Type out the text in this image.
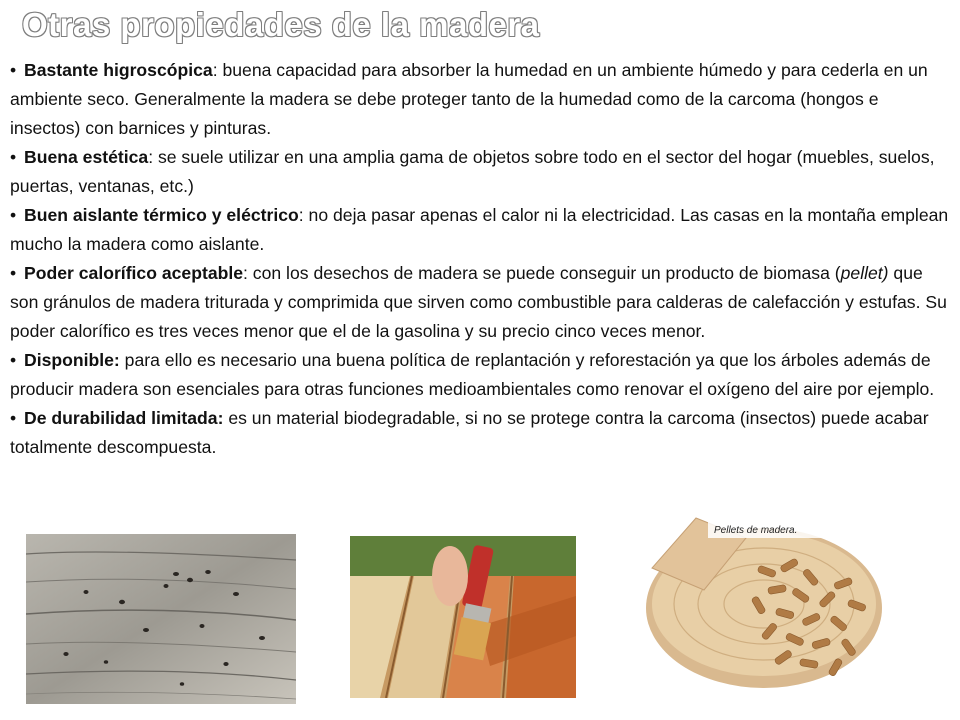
Otras propiedades de la madera

• Bastante higroscópica: buena capacidad para absorber la humedad en un ambiente húmedo y para cederla en un ambiente seco. Generalmente la madera se debe proteger tanto de la humedad como de la carcoma (hongos e insectos) con barnices y pinturas.

• Buena estética: se suele utilizar en una amplia gama de objetos sobre todo en el sector del hogar (muebles, suelos, puertas, ventanas, etc.)

• Buen aislante térmico y eléctrico: no deja pasar apenas el calor ni la electricidad. Las casas en la montaña emplean mucho la madera como aislante.

• Poder calorífico aceptable: con los desechos de madera se puede conseguir un producto de biomasa (pellet) que son gránulos de madera triturada y comprimida que sirven como combustible para calderas de calefacción y estufas. Su poder calorífico es tres veces menor que el de la gasolina y su precio cinco veces menor.

• Disponible: para ello es necesario una buena política de replantación y reforestación ya que los árboles además de producir madera son esenciales para otras funciones medioambientales como renovar el oxígeno del aire por ejemplo.

• De durabilidad limitada: es un material biodegradable, si no se protege contra la carcoma (insectos) puede acabar totalmente descompuesta.

Pellets de madera.
